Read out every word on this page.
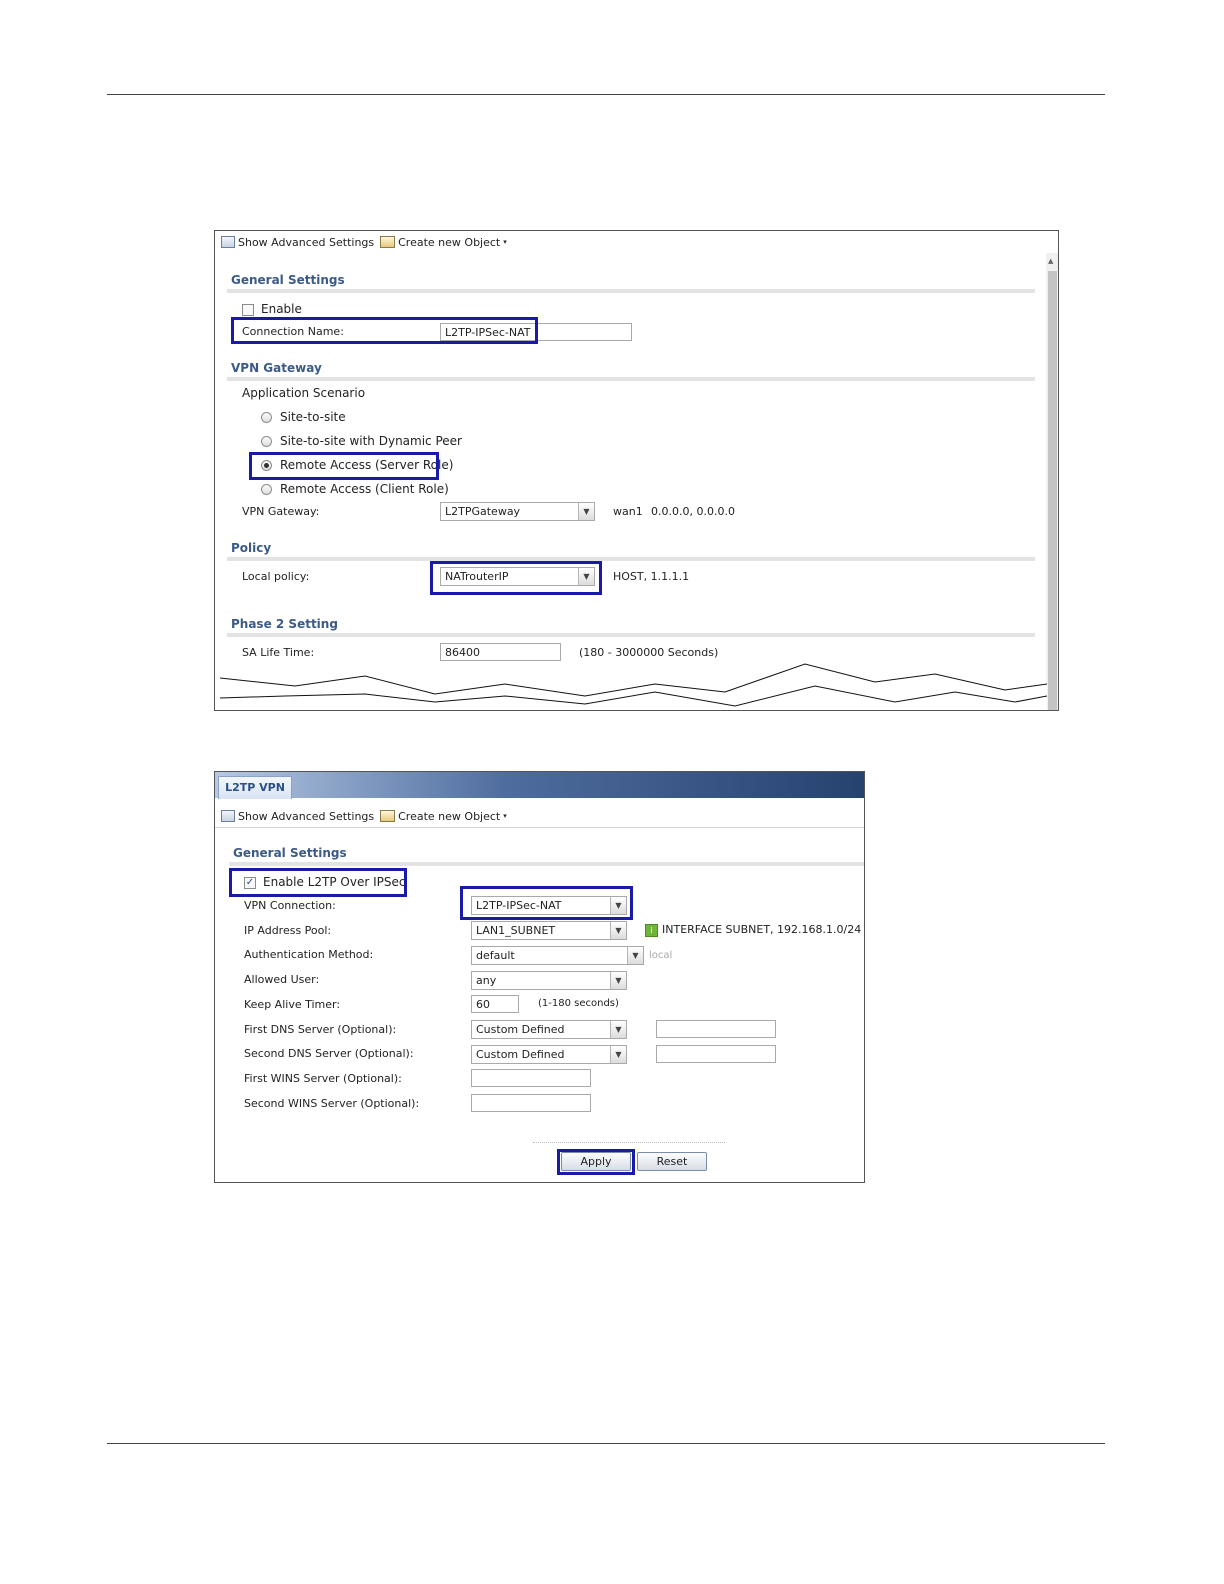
Show Advanced Settings Create new Object ▾
▲
General Settings
Enable
Connection Name:	L2TP-IPSec-NAT
VPN Gateway
Application Scenario
Site-to-site
Site-to-site with Dynamic Peer
Remote Access (Server Role)
Remote Access (Client Role)
VPN Gateway:	L2TPGateway	▼	wan1 0.0.0.0, 0.0.0.0
Policy
Local policy:	NATrouterIP	▼	HOST, 1.1.1.1
Phase 2 Setting
SA Life Time:	86400	(180 - 3000000 Seconds)
L2TP VPN
Show Advanced Settings Create new Object ▾
General Settings
✓ Enable L2TP Over IPSec
VPN Connection:	L2TP-IPSec-NAT	▼
IP Address Pool:	LAN1_SUBNET	▼	i INTERFACE SUBNET, 192.168.1.0/24
Authentication Method:	default	▼	local
Allowed User:	any	▼
Keep Alive Timer:	60	(1-180 seconds)
First DNS Server (Optional):	Custom Defined	▼
Second DNS Server (Optional):	Custom Defined	▼
First WINS Server (Optional):
Second WINS Server (Optional):
Apply	Reset
